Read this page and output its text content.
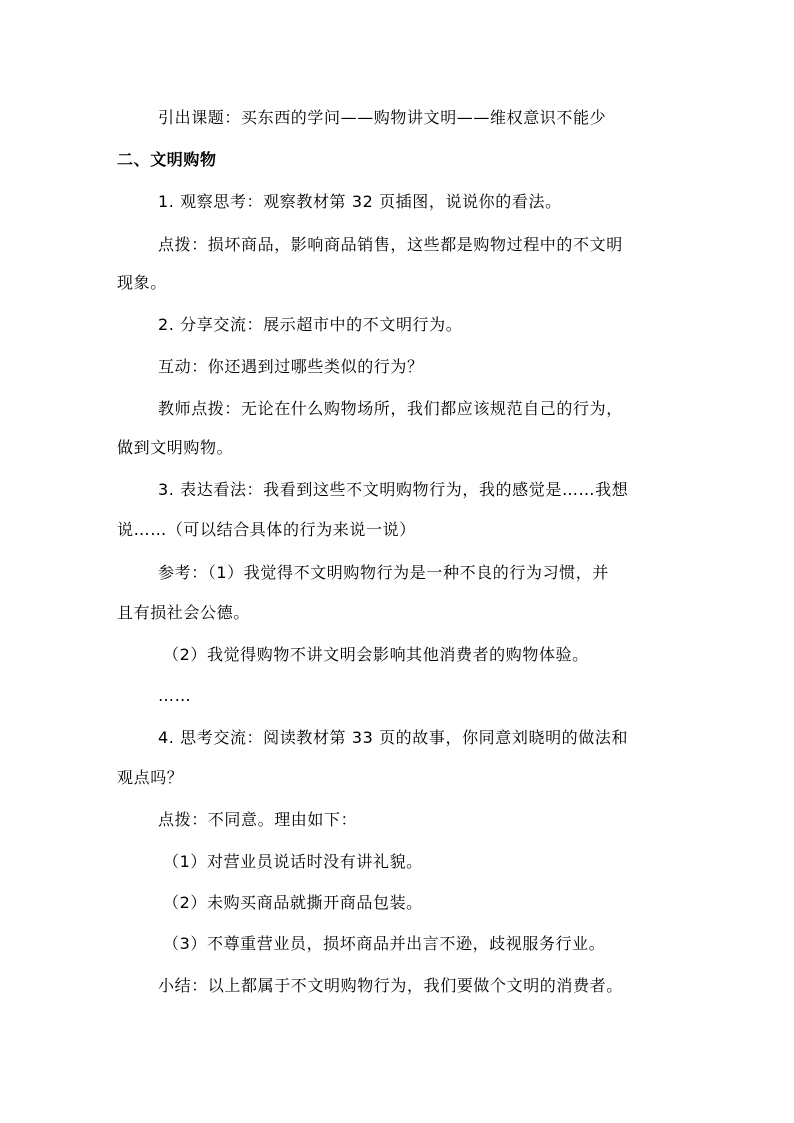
引出课题：买东西的学问——购物讲文明——维权意识不能少
二、文明购物
1. 观察思考：观察教材第 32 页插图，说说你的看法。
点拨：损坏商品，影响商品销售，这些都是购物过程中的不文明
现象。
2. 分享交流：展示超市中的不文明行为。
互动：你还遇到过哪些类似的行为？
教师点拨：无论在什么购物场所，我们都应该规范自己的行为，
做到文明购物。
3. 表达看法：我看到这些不文明购物行为，我的感觉是……我想
说……（可以结合具体的行为来说一说）
参考：（1）我觉得不文明购物行为是一种不良的行为习惯，并
且有损社会公德。
（2）我觉得购物不讲文明会影响其他消费者的购物体验。
……
4. 思考交流：阅读教材第 33 页的故事，你同意刘晓明的做法和
观点吗？
点拨：不同意。理由如下：
（1）对营业员说话时没有讲礼貌。
（2）未购买商品就撕开商品包装。
（3）不尊重营业员，损坏商品并出言不逊，歧视服务行业。
小结：以上都属于不文明购物行为，我们要做个文明的消费者。
